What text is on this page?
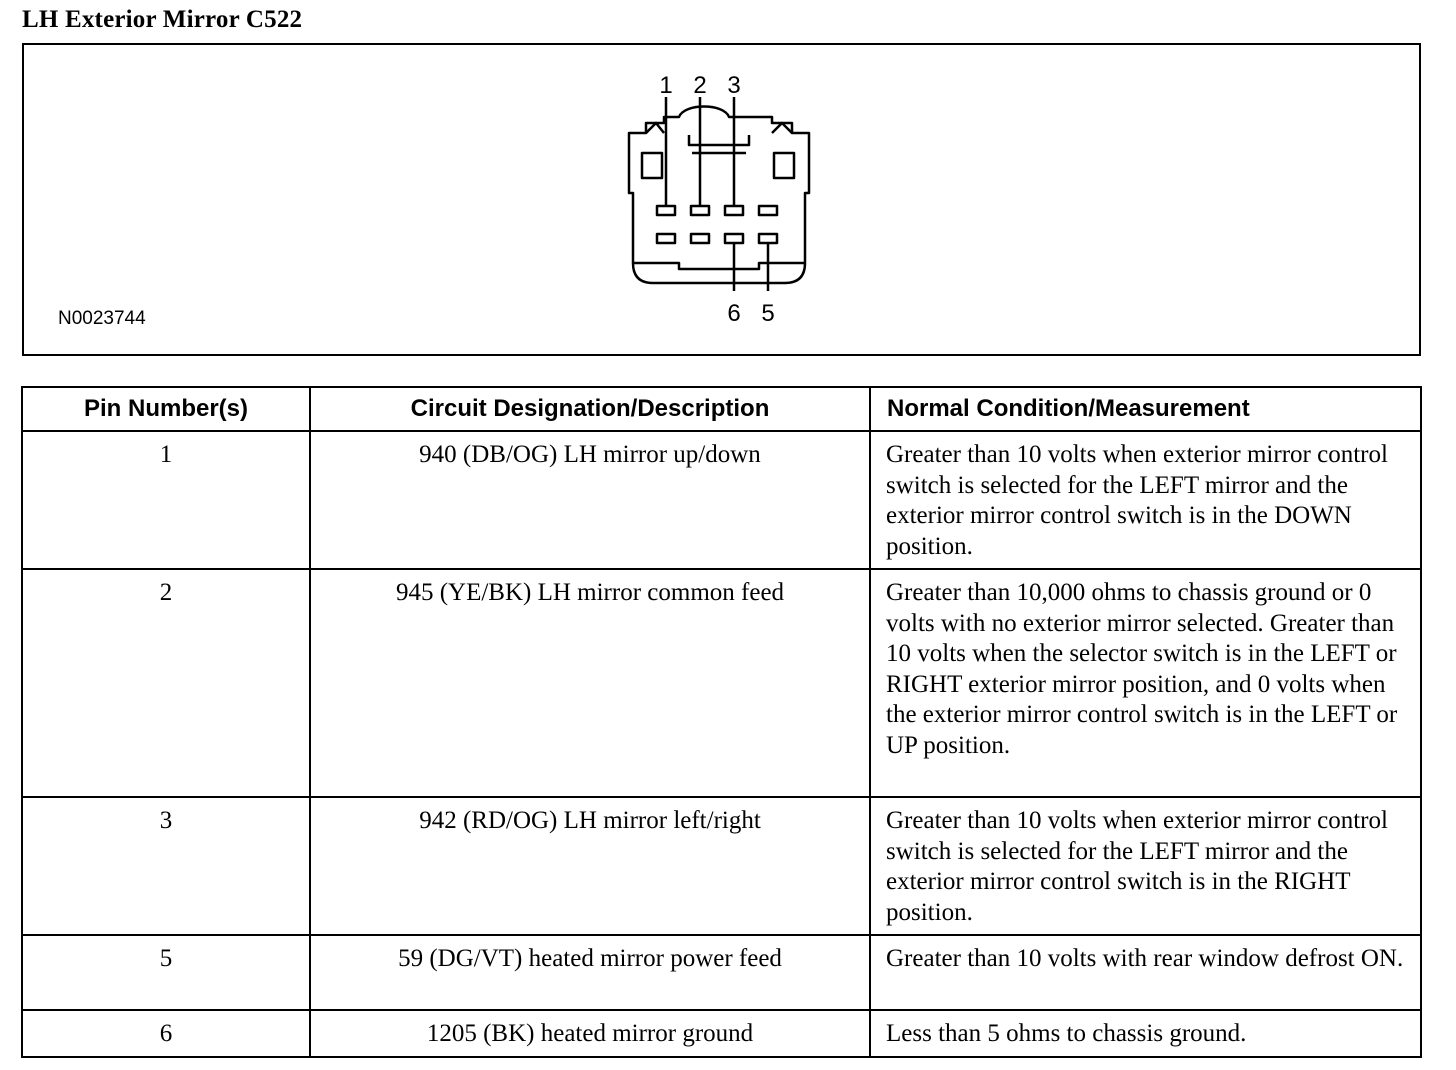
LH Exterior Mirror C522
1 2 3
6 5
N0023744
Pin Number(s)	Circuit Designation/Description	Normal Condition/Measurement
1	940 (DB/OG) LH mirror up/down	Greater than 10 volts when exterior mirror control switch is selected for the LEFT mirror and the exterior mirror control switch is in the DOWN position.
2	945 (YE/BK) LH mirror common feed	Greater than 10,000 ohms to chassis ground or 0 volts with no exterior mirror selected. Greater than 10 volts when the selector switch is in the LEFT or RIGHT exterior mirror position, and 0 volts when the exterior mirror control switch is in the LEFT or UP position.
3	942 (RD/OG) LH mirror left/right	Greater than 10 volts when exterior mirror control switch is selected for the LEFT mirror and the exterior mirror control switch is in the RIGHT position.
5	59 (DG/VT) heated mirror power feed	Greater than 10 volts with rear window defrost ON.
6	1205 (BK) heated mirror ground	Less than 5 ohms to chassis ground.
